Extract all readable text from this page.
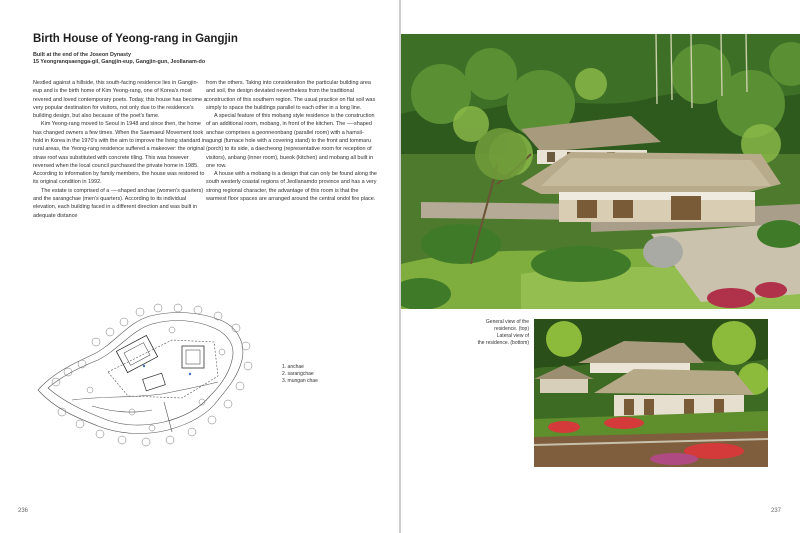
Birth House of Yeong-rang in Gangjin
Built at the end of the Joseon Dynasty
15 Yeongranqsaengga-gil, Gangjin-eup, Gangjin-gun, Jeollanam-do

Nestled against a hillside, this south-facing residence lies in Gangjin-eup and is the birth home of Kim Yeong-rang, one of Korea's most revered and loved contemporary poets. Today, this house has become a very popular destination for visitors, not only due to the residence's building design, but also because of the poet's fame.

Kim Yeong-rang moved to Seoul in 1948 and since then, the home has changed owners a few times. When the Saemaeul Movement took hold in Korea in the 1970's with the aim to improve the living standard in rural areas, the Yeong-rang residence suffered a makeover: the original straw roof was substituted with concrete tiling. This was however reversed when the local council purchased the private home in 1985. According to information by family members, the house was restored to its original condition in 1992.

The estate is comprised of a —-shaped anchae (women's quarters) and the sarangchae (men's quarters). According to its individual elevation, each building faced in a different direction and was built in adequate distance

from the others. Taking into consideration the particular building area and soil, the design deviated nevertheless from the traditional construction of this southern region. The usual practice on flat soil was simply to space the buildings parallel to each other in a long line.

A special feature of this mobang style residence is the construction of an additional room, mobang, in front of the kitchen. The —-shaped anchae comprises a geonneonbang (parallel room) with a hamsil-agungi (furnace hole with a covering stand) to the front and tommaru (porch) to its side, a daecheong (representative room for reception of visitors), anbang (inner room), bueok (kitchen) and mobang all built in one row.

A house with a mobang is a design that can only be found along the south westerly coastal regions of Jeollanamdo province and has a very strong regional character, the advantage of this room is that the warmest floor spaces are arranged around the central ondol fire place.

1. anchae
2. sarangchae
3. mungan chae
236
General view of the
residence. (top)
Lateral view of
the residence. (bottom)
237
